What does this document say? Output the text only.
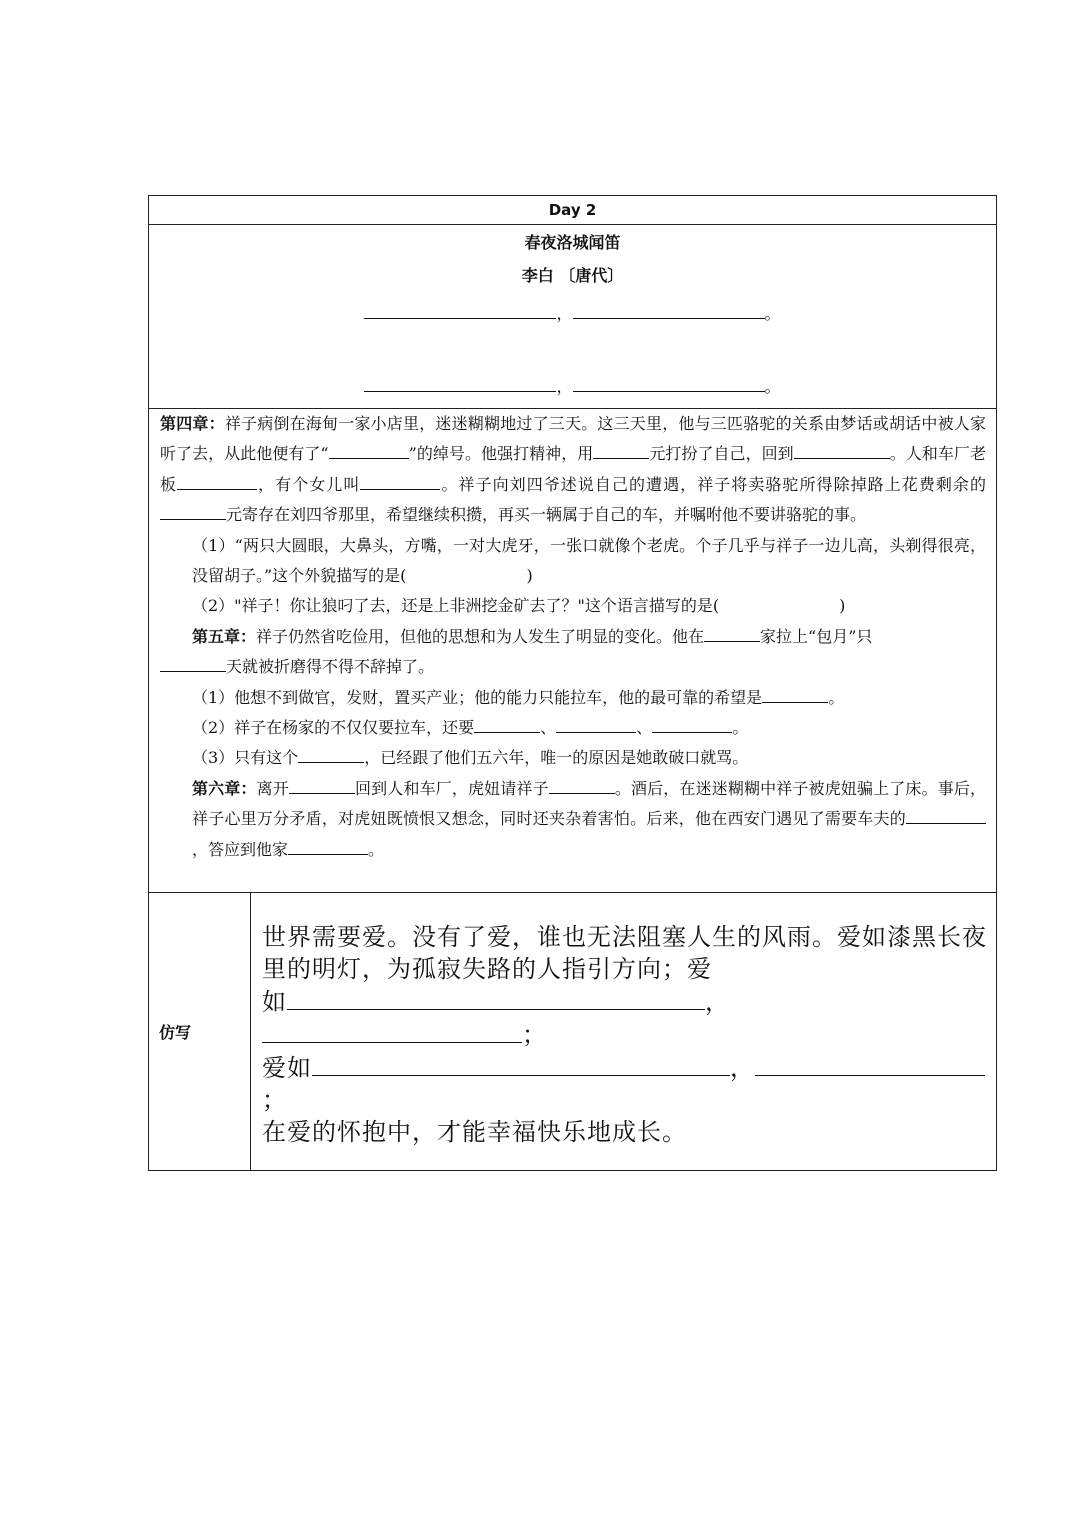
Day 2
春夜洛城闻笛
李白 〔唐代〕
，	。
，	。

第四章：祥子病倒在海甸一家小店里，迷迷糊糊地过了三天。这三天里，他与三匹骆驼的关系由梦话或胡话中被人家听了去，从此他便有了“	”的绰号。他强打精神，用	元打扮了自己，回到	。人和车厂老板	，有个女儿叫	。祥子向刘四爷述说自己的遭遇，祥子将卖骆驼所得除掉路上花费剩余的元寄存在刘四爷那里，希望继续积攒，再买一辆属于自己的车，并嘱咐他不要讲骆驼的事。

（1）“两只大圆眼，大鼻头，方嘴，一对大虎牙，一张口就像个老虎。个子几乎与祥子一边儿高，头剃得很亮，没留胡子。”这个外貌描写的是(	)

（2）"祥子！你让狼叼了去，还是上非洲挖金矿去了？"这个语言描写的是(	)

第五章：祥子仍然省吃俭用，但他的思想和为人发生了明显的变化。他在	家拉上“包月”只

天就被折磨得不得不辞掉了。

（1）他想不到做官，发财，置买产业；他的能力只能拉车，他的最可靠的希望是	。

（2）祥子在杨家的不仅仅要拉车，还要	、	、	。

（3）只有这个	，已经跟了他们五六年，唯一的原因是她敢破口就骂。

第六章：离开	回到人和车厂，虎妞请祥子	。酒后，在迷迷糊糊中祥子被虎妞骗上了床。事后，祥子心里万分矛盾，对虎妞既愤恨又想念，同时还夹杂着害怕。后来，他在西安门遇见了需要车夫的，答应到他家	。

仿写

世界需要爱。没有了爱，谁也无法阻塞人生的风雨。爱如漆黑长夜里的明灯，为孤寂失路的人指引方向；爱

如	，；

爱如	，；

在爱的怀抱中，才能幸福快乐地成长。
